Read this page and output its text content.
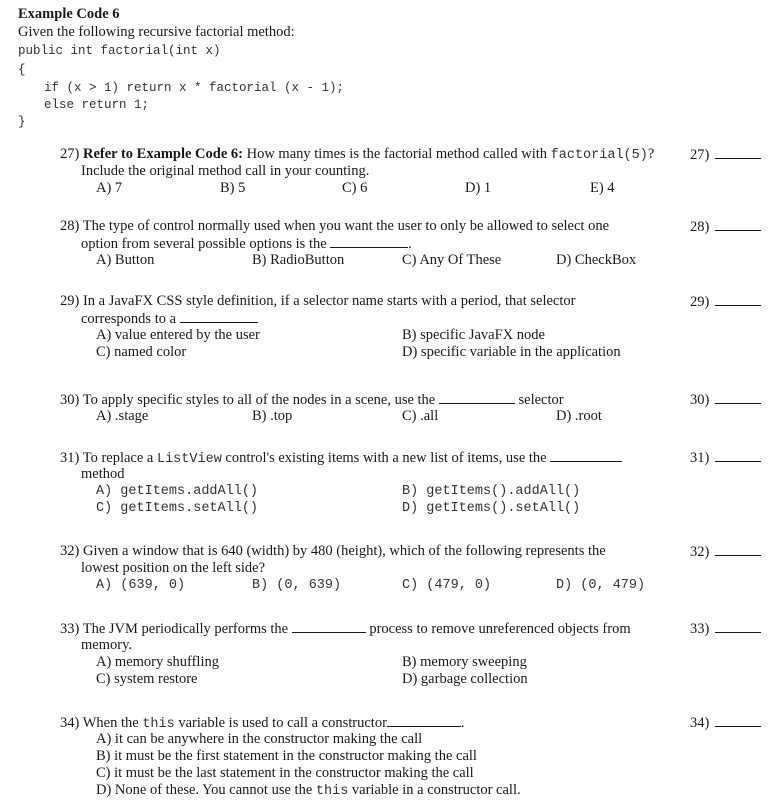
Example Code 6
Given the following recursive factorial method:
public int factorial(int x)
{
if (x > 1) return x * factorial (x - 1);
else return 1;
}
27) Refer to Example Code 6: How many times is the factorial method called with factorial(5)?
Include the original method call in your counting.
A) 7	B) 5	C) 6	D) 1	E) 4
27)
28) The type of control normally used when you want the user to only be allowed to select one
option from several possible options is the	.
A) Button	B) RadioButton	C) Any Of These	D) CheckBox
28)
29) In a JavaFX CSS style definition, if a selector name starts with a period, that selector
corresponds to a
A) value entered by the user	B) specific JavaFX node
C) named color	D) specific variable in the application
29)
30) To apply specific styles to all of the nodes in a scene, use the	selector
A) .stage	B) .top	C) .all	D) .root
30)
31) To replace a ListView control's existing items with a new list of items, use the
method
A) getItems.addAll()	B) getItems().addAll()
C) getItems.setAll()	D) getItems().setAll()
31)
32) Given a window that is 640 (width) by 480 (height), which of the following represents the
lowest position on the left side?
A) (639, 0)	B) (0, 639)	C) (479, 0)	D) (0, 479)
32)
33) The JVM periodically performs the	process to remove unreferenced objects from
memory.
A) memory shuffling	B) memory sweeping
C) system restore	D) garbage collection
33)
34) When the this variable is used to call a constructor	.
A) it can be anywhere in the constructor making the call
B) it must be the first statement in the constructor making the call
C) it must be the last statement in the constructor making the call
D) None of these. You cannot use the this variable in a constructor call.
34)
